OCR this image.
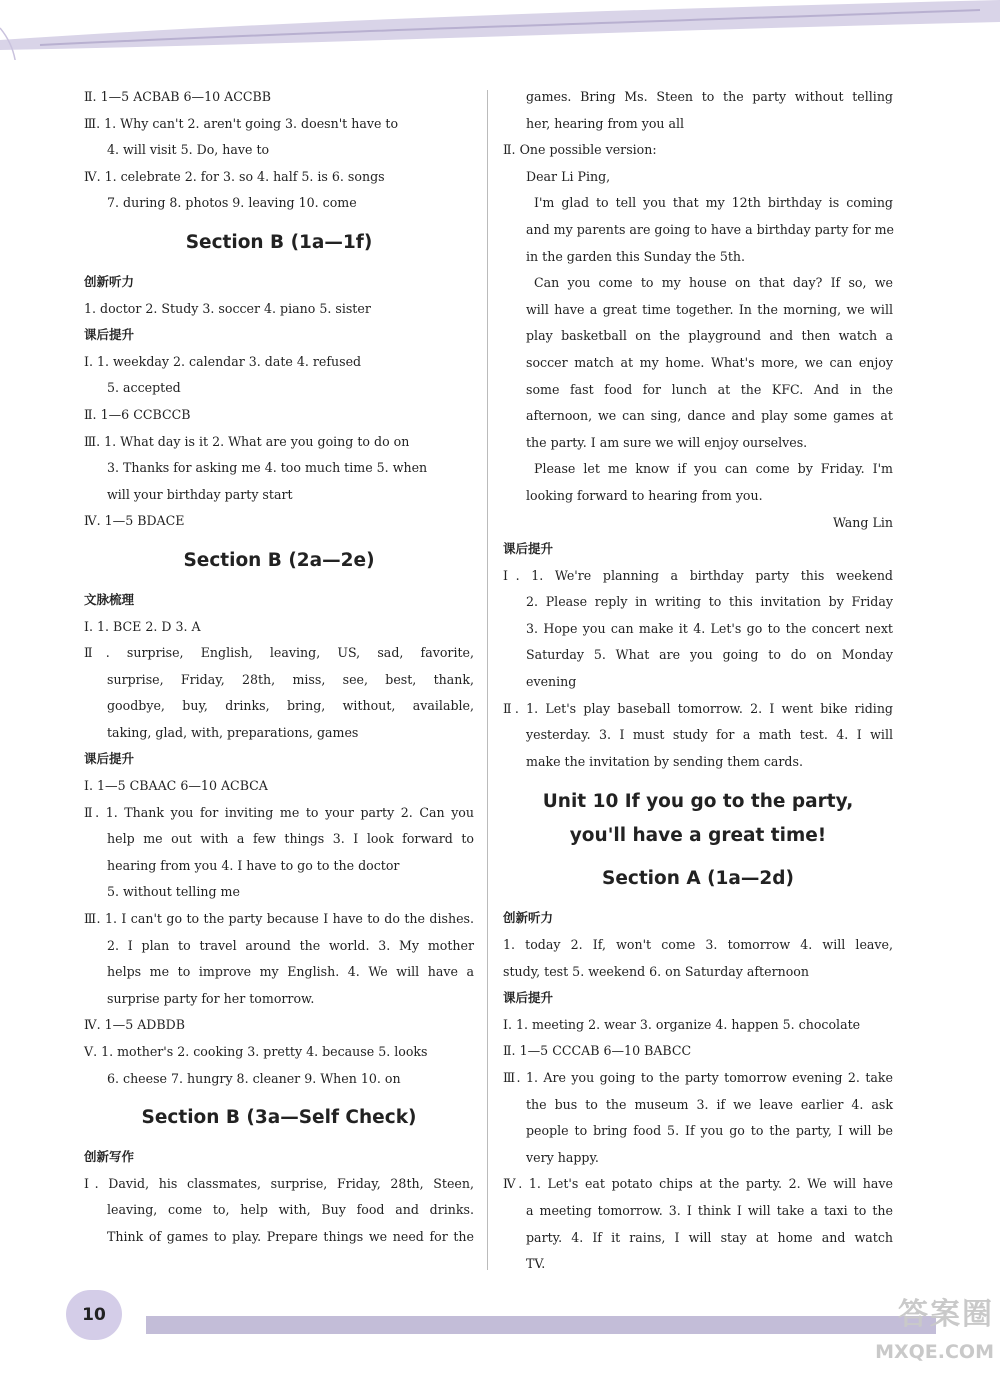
Ⅱ. 1—5 ACBAB 6—10 ACCBB
Ⅲ. 1. Why can't 2. aren't going 3. doesn't have to
4. will visit 5. Do, have to
Ⅳ. 1. celebrate 2. for 3. so 4. half 5. is 6. songs
7. during 8. photos 9. leaving 10. come
Section B (1a—1f)
创新听力
1. doctor 2. Study 3. soccer 4. piano 5. sister
课后提升
Ⅰ. 1. weekday 2. calendar 3. date 4. refused
5. accepted
Ⅱ. 1—6 CCBCCB
Ⅲ. 1. What day is it 2. What are you going to do on
3. Thanks for asking me 4. too much time 5. when
will your birthday party start
Ⅳ. 1—5 BDACE
Section B (2a—2e)
文脉梳理
Ⅰ. 1. BCE 2. D 3. A
Ⅱ. surprise, English, leaving, US, sad, favorite,
surprise, Friday, 28th, miss, see, best, thank,
goodbye, buy, drinks, bring, without, available,
taking, glad, with, preparations, games
课后提升
Ⅰ. 1—5 CBAAC 6—10 ACBCA
Ⅱ. 1. Thank you for inviting me to your party 2. Can you
help me out with a few things 3. I look forward to
hearing from you 4. I have to go to the doctor
5. without telling me
Ⅲ. 1. I can't go to the party because I have to do the dishes.
2. I plan to travel around the world. 3. My mother
helps me to improve my English. 4. We will have a
surprise party for her tomorrow.
Ⅳ. 1—5 ADBDB
Ⅴ. 1. mother's 2. cooking 3. pretty 4. because 5. looks
6. cheese 7. hungry 8. cleaner 9. When 10. on
Section B (3a—Self Check)
创新写作
Ⅰ. David, his classmates, surprise, Friday, 28th, Steen,
leaving, come to, help with, Buy food and drinks.
Think of games to play. Prepare things we need for the
games. Bring Ms. Steen to the party without telling
her, hearing from you all
Ⅱ. One possible version:
Dear Li Ping,
I'm glad to tell you that my 12th birthday is coming
and my parents are going to have a birthday party for me
in the garden this Sunday the 5th.
Can you come to my house on that day? If so, we
will have a great time together. In the morning, we will
play basketball on the playground and then watch a
soccer match at my home. What's more, we can enjoy
some fast food for lunch at the KFC. And in the
afternoon, we can sing, dance and play some games at
the party. I am sure we will enjoy ourselves.
Please let me know if you can come by Friday. I'm
looking forward to hearing from you.
Wang Lin
课后提升
Ⅰ. 1. We're planning a birthday party this weekend
2. Please reply in writing to this invitation by Friday
3. Hope you can make it 4. Let's go to the concert next
Saturday 5. What are you going to do on Monday
evening
Ⅱ. 1. Let's play baseball tomorrow. 2. I went bike riding
yesterday. 3. I must study for a math test. 4. I will
make the invitation by sending them cards.
Unit 10 If you go to the party,
you'll have a great time!
Section A (1a—2d)
创新听力
1. today 2. If, won't come 3. tomorrow 4. will leave,
study, test 5. weekend 6. on Saturday afternoon
课后提升
Ⅰ. 1. meeting 2. wear 3. organize 4. happen 5. chocolate
Ⅱ. 1—5 CCCAB 6—10 BABCC
Ⅲ. 1. Are you going to the party tomorrow evening 2. take
the bus to the museum 3. if we leave earlier 4. ask
people to bring food 5. If you go to the party, I will be
very happy.
Ⅳ. 1. Let's eat potato chips at the party. 2. We will have
a meeting tomorrow. 3. I think I will take a taxi to the
party. 4. If it rains, I will stay at home and watch
TV.
10	答案圈
MXQE.COM
